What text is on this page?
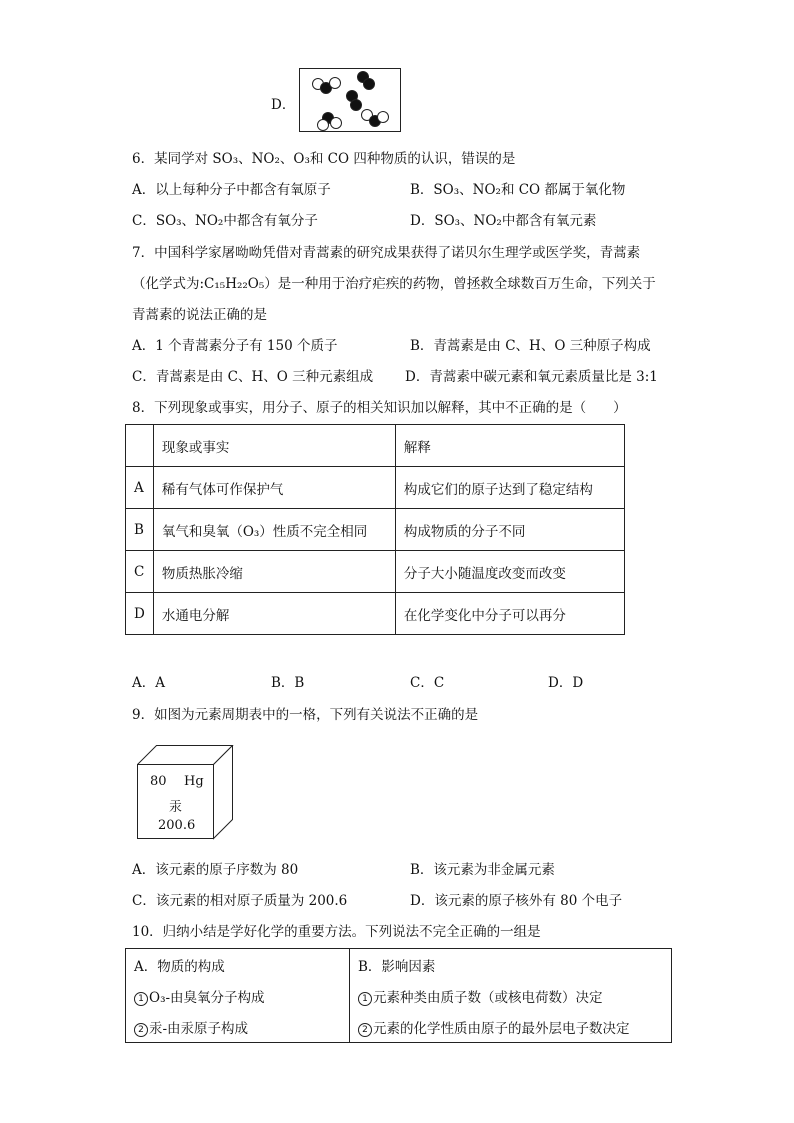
D．
6．某同学对 SO₃、NO₂、O₃和 CO 四种物质的认识，错误的是
A．以上每种分子中都含有氧原子	B．SO₃、NO₂和 CO 都属于氧化物
C．SO₃、NO₂中都含有氧分子	D．SO₃、NO₂中都含有氧元素
7．中国科学家屠呦呦凭借对青蒿素的研究成果获得了诺贝尔生理学或医学奖，青蒿素
（化学式为:C₁₅H₂₂O₅）是一种用于治疗疟疾的药物，曾拯救全球数百万生命，下列关于
青蒿素的说法正确的是
A．1 个青蒿素分子有 150 个质子	B．青蒿素是由 C、H、O 三种原子构成
C．青蒿素是由 C、H、O 三种元素组成 D．青蒿素中碳元素和氧元素质量比是 3:1
8．下列现象或事实，用分子、原子的相关知识加以解释，其中不正确的是（　　）
	现象或事实	解释
A	稀有气体可作保护气	构成它们的原子达到了稳定结构
B	氧气和臭氧（O₃）性质不完全相同	构成物质的分子不同
C	物质热胀冷缩	分子大小随温度改变而改变
D	水通电分解	在化学变化中分子可以再分
A．A	B．B	C．C	D．D
9．如图为元素周期表中的一格，下列有关说法不正确的是
80 Hg
汞
200.6
A．该元素的原子序数为 80	B．该元素为非金属元素
C．该元素的相对原子质量为 200.6	D．该元素的原子核外有 80 个电子
10．归纳小结是学好化学的重要方法。下列说法不完全正确的一组是
A．物质的构成	B．影响因素
1 O₃-由臭氧分子构成	1 元素种类由质子数（或核电荷数）决定
2 汞-由汞原子构成	2 元素的化学性质由原子的最外层电子数决定
